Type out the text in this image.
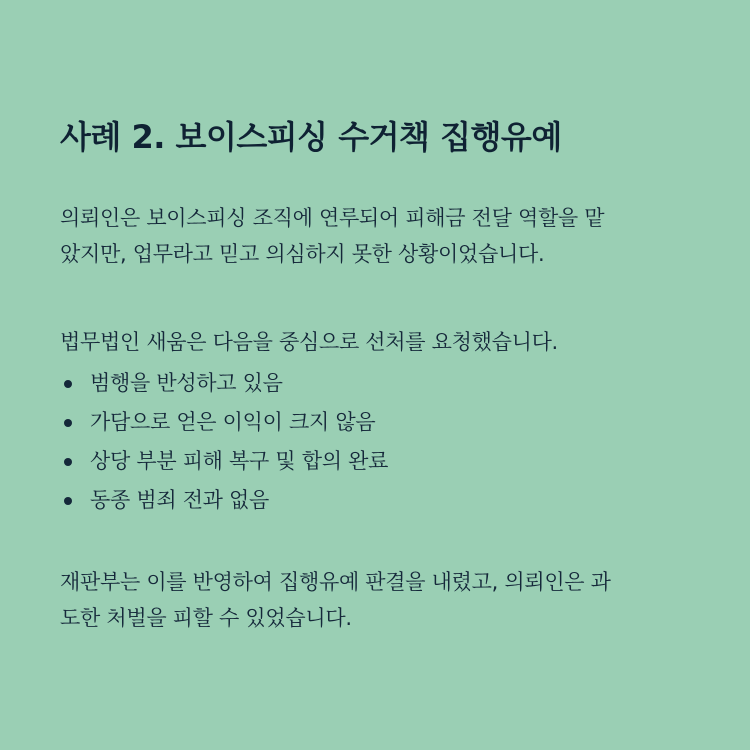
사례 2. 보이스피싱 수거책 집행유예

의뢰인은 보이스피싱 조직에 연루되어 피해금 전달 역할을 맡
았지만, 업무라고 믿고 의심하지 못한 상황이었습니다.

법무법인 새움은 다음을 중심으로 선처를 요청했습니다.

범행을 반성하고 있음
가담으로 얻은 이익이 크지 않음
상당 부분 피해 복구 및 합의 완료
동종 범죄 전과 없음

재판부는 이를 반영하여 집행유예 판결을 내렸고, 의뢰인은 과
도한 처벌을 피할 수 있었습니다.
